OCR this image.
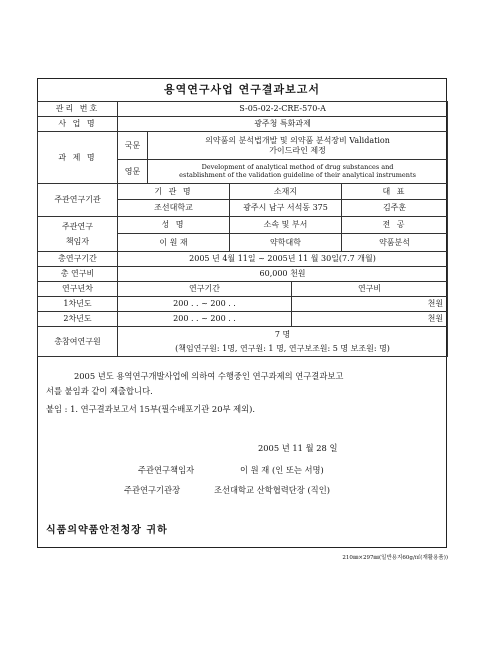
용역연구사업 연구결과보고서
관리 번호	S-05-02-2-CRE-570-A				
사 업 명	광주청 특화과제				
과 제 명	국문	의약품의 분석법개발 및 의약품 분석장비 Validation
가이드라인 제정			

	영문	Development of analytical method of drug substances and
establishment of the validation guideline of their analytical instruments			

주관연구기관	기 관 명		소재지		대 표
	조선대학교		광주시 남구 서석동 375		김주훈

주관연구
책임자	성 명		소속 및 부서		전 공
	이 원 재		약학대학		약품분석
총연구기간	2005 년 4월 11일 ~ 2005년 11 월 30일(7.7 개월)				
총 연구비	60,000 천원				
연구년차	연구기간			연구비	
1차년도	200 . . ~ 200 . .			천원	
2차년도	200 . . ~ 200 . .			천원	
총참여연구원	7 명
(책임연구원: 1명, 연구원: 1 명, 연구보조원: 5 명 보조원: 명)				
2005 년도 용역연구개발사업에 의하여 수행중인 연구과제의 연구결과보고
서를 붙임과 같이 제출합니다.
붙임 : 1. 연구결과보고서 15부(필수배포기관 20부 제외).
2005 년 11 월 28 일
주관연구책임자	이 원 재 (인 또는 서명)
주관연구기관장	조선대학교 산학협력단장 (직인)
식품의약품안전청장 귀하
210㎜×297㎜(일반용지60g/㎡(재활용품))
